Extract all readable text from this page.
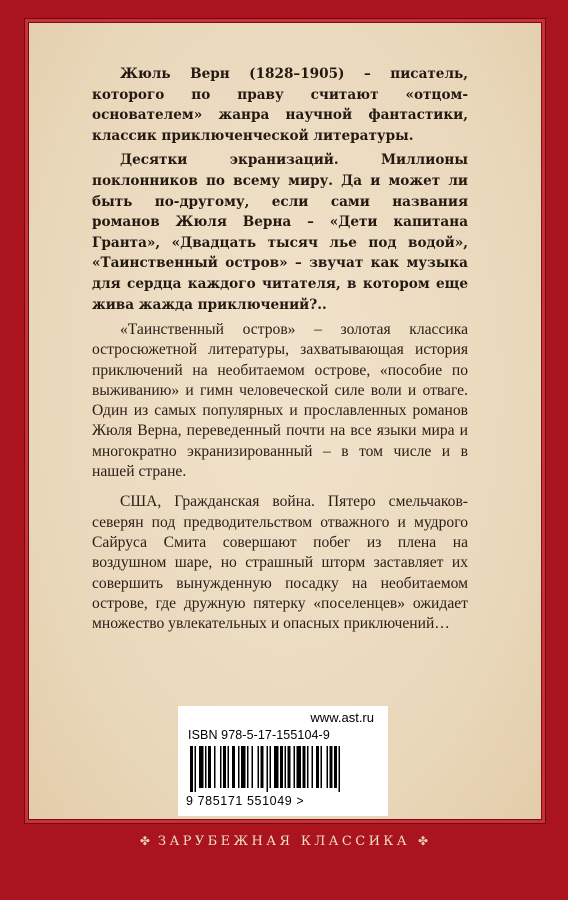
Жюль Верн (1828–1905) – писатель, которого по праву считают «отцом-основателем» жанра научной фантастики, классик приключенческой литературы.

Десятки экранизаций. Миллионы поклонников по всему миру. Да и может ли быть по-другому, если сами названия романов Жюля Верна – «Дети капитана Гранта», «Двадцать тысяч лье под водой», «Таинственный остров» – звучат как музыка для сердца каждого читателя, в котором еще жива жажда приключений?..

«Таинственный остров» – золотая классика остросюжетной литературы, захватывающая история приключений на необитаемом острове, «пособие по выживанию» и гимн человеческой силе воли и отваге. Один из самых популярных и прославленных романов Жюля Верна, переведенный почти на все языки мира и многократно экранизированный – в том числе и в нашей стране.

США, Гражданская война. Пятеро смельчаков-северян под предводительством отважного и мудрого Сайруса Смита совершают побег из плена на воздушном шаре, но страшный шторм заставляет их совершить вынужденную посадку на необитаемом острове, где дружную пятерку «поселенцев» ожидает множество увлекательных и опасных приключений…

www.ast.ru
ISBN 978-5-17-155104-9
9 785171 551049 >
✤ ЗАРУБЕЖНАЯ КЛАССИКА ✤
